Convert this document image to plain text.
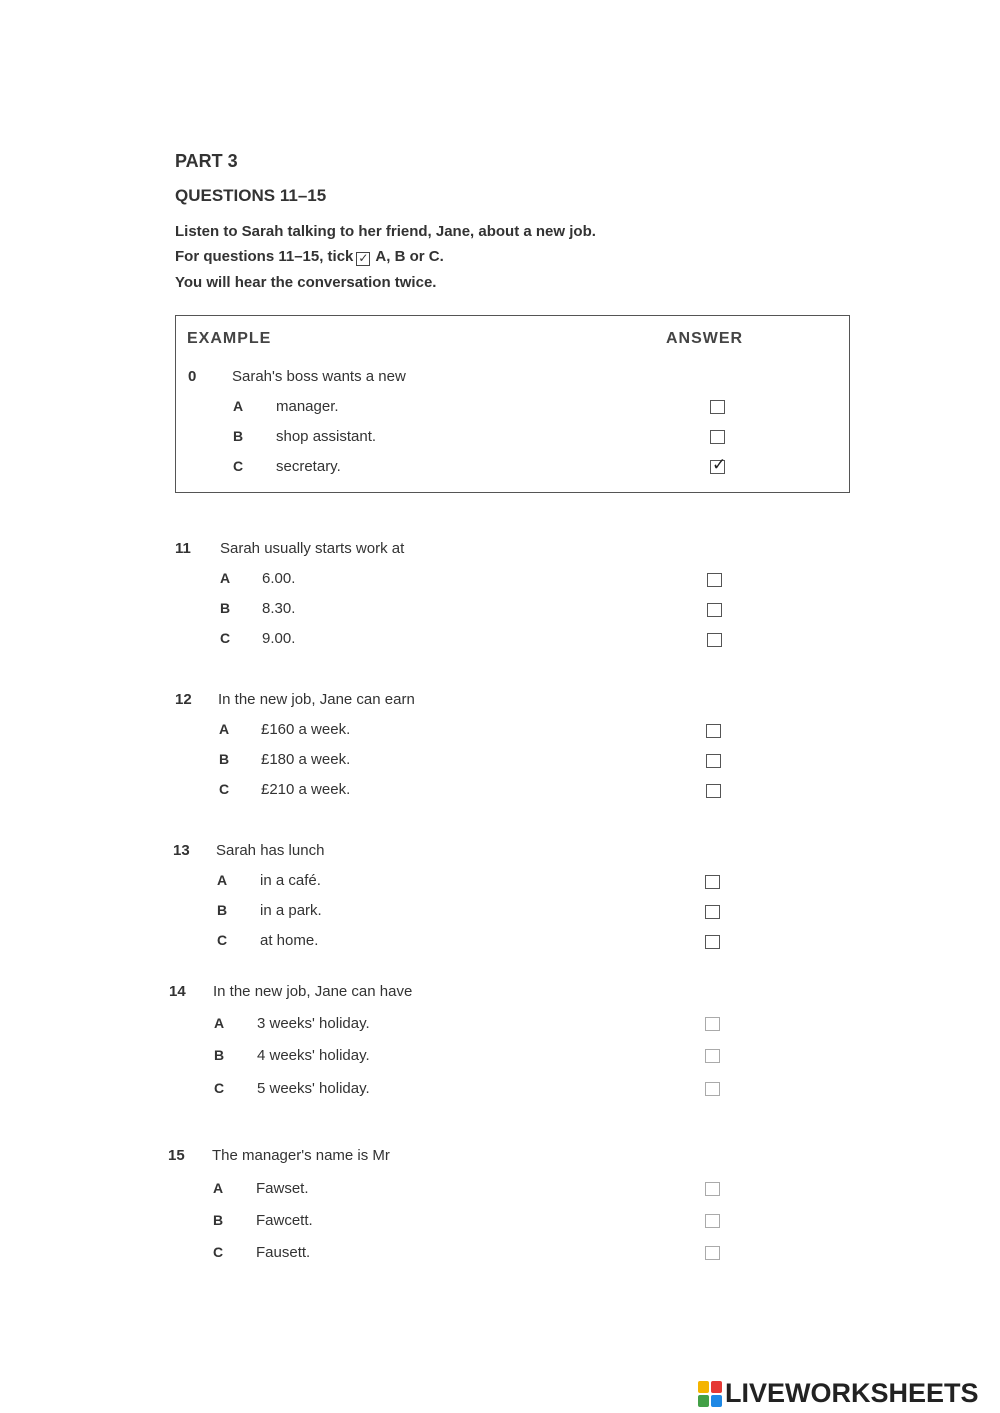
PART 3
QUESTIONS 11–15
Listen to Sarah talking to her friend, Jane, about a new job.
For questions 11–15, tick ✓ A, B or C.
You will hear the conversation twice.
EXAMPLE	ANSWER
0 Sarah's boss wants a new
A manager.
B shop assistant.
C secretary.	✓
11 Sarah usually starts work at
A 6.00.
B 8.30.
C 9.00.
12 In the new job, Jane can earn
A £160 a week.
B £180 a week.
C £210 a week.
13 Sarah has lunch
A in a café.
B in a park.
C at home.
14 In the new job, Jane can have
A 3 weeks' holiday.
B 4 weeks' holiday.
C 5 weeks' holiday.
15 The manager's name is Mr
A Fawset.
B Fawcett.
C Fausett.
LIVEWORKSHEETS
